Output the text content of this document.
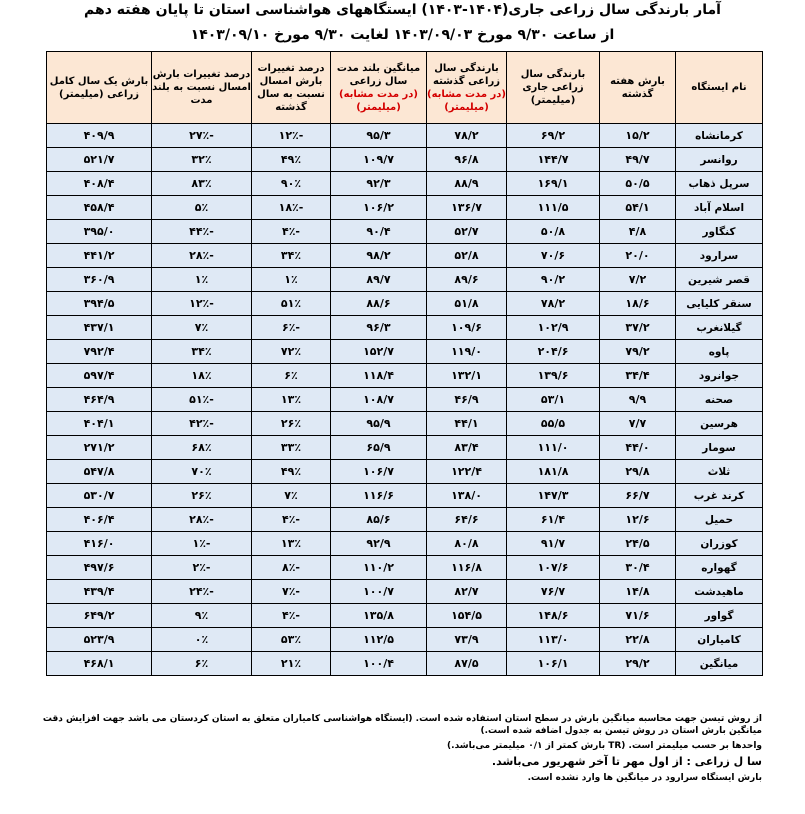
آمار بارندگی سال زراعی جاری(۱۴۰۴-۱۴۰۳) ایستگاههای هواشناسی استان تا پایان هفته دهم
از ساعت ۹/۳۰ مورخ ۱۴۰۳/۰۹/۰۳ لغایت ۹/۳۰ مورخ ۱۴۰۳/۰۹/۱۰
نام ایستگاه	بارش هفته گذشته	بارندگی سال زراعی جاری (میلیمتر)	بارندگی سال زراعی گذشته
(در مدت مشابه)
(میلیمتر)	میانگین بلند مدت سال زراعی
(در مدت مشابه)
(میلیمتر)	درصد تغییرات بارش امسال نسبت به سال گذشته	درصد تغییرات بارش امسال نسبت به بلند مدت	بارش یک سال کامل زراعی (میلیمتر)
کرمانشاه	۱۵/۲	۶۹/۲	۷۸/۲	۹۵/۳	-۱۲٪	-۲۷٪	۴۰۹/۹
روانسر	۴۹/۷	۱۴۴/۷	۹۶/۸	۱۰۹/۷	۴۹٪	۳۲٪	۵۲۱/۷
سرپل ذهاب	۵۰/۵	۱۶۹/۱	۸۸/۹	۹۲/۳	۹۰٪	۸۳٪	۴۰۸/۴
اسلام آباد	۵۴/۱	۱۱۱/۵	۱۳۶/۷	۱۰۶/۲	-۱۸٪	۵٪	۴۵۸/۴
کنگاور	۴/۸	۵۰/۸	۵۲/۷	۹۰/۴	-۴٪	-۴۴٪	۳۹۵/۰
سرارود	۲۰/۰	۷۰/۶	۵۲/۸	۹۸/۲	۳۴٪	-۲۸٪	۴۴۱/۲
قصر شیرین	۷/۲	۹۰/۲	۸۹/۶	۸۹/۷	۱٪	۱٪	۳۶۰/۹
سنقر کلیایی	۱۸/۶	۷۸/۲	۵۱/۸	۸۸/۶	۵۱٪	-۱۲٪	۳۹۴/۵
گیلانغرب	۳۷/۲	۱۰۲/۹	۱۰۹/۶	۹۶/۳	-۶٪	۷٪	۴۳۷/۱
پاوه	۷۹/۲	۲۰۴/۶	۱۱۹/۰	۱۵۲/۷	۷۲٪	۳۴٪	۷۹۲/۴
جوانرود	۳۴/۴	۱۳۹/۶	۱۳۲/۱	۱۱۸/۴	۶٪	۱۸٪	۵۹۷/۴
صحنه	۹/۹	۵۳/۱	۴۶/۹	۱۰۸/۷	۱۳٪	-۵۱٪	۴۶۴/۹
هرسین	۷/۷	۵۵/۵	۴۴/۱	۹۵/۹	۲۶٪	-۴۲٪	۴۰۴/۱
سومار	۴۴/۰	۱۱۱/۰	۸۳/۴	۶۵/۹	۳۳٪	۶۸٪	۲۷۱/۲
ثلاث	۲۹/۸	۱۸۱/۸	۱۲۲/۴	۱۰۶/۷	۴۹٪	۷۰٪	۵۴۷/۸
کرند غرب	۶۶/۷	۱۴۷/۳	۱۳۸/۰	۱۱۶/۶	۷٪	۲۶٪	۵۳۰/۷
حمیل	۱۲/۶	۶۱/۴	۶۴/۶	۸۵/۶	-۴٪	-۲۸٪	۴۰۶/۴
کوزران	۲۴/۵	۹۱/۷	۸۰/۸	۹۲/۹	۱۳٪	-۱٪	۴۱۶/۰
گهواره	۳۰/۴	۱۰۷/۶	۱۱۶/۸	۱۱۰/۲	-۸٪	-۲٪	۴۹۷/۶
ماهیدشت	۱۴/۸	۷۶/۷	۸۲/۷	۱۰۰/۷	-۷٪	-۲۴٪	۴۳۹/۴
گواور	۷۱/۶	۱۴۸/۶	۱۵۴/۵	۱۳۵/۸	-۴٪	۹٪	۶۴۹/۲
کامیاران	۲۲/۸	۱۱۳/۰	۷۳/۹	۱۱۲/۵	۵۳٪	۰٪	۵۲۳/۹
میانگین	۲۹/۲	۱۰۶/۱	۸۷/۵	۱۰۰/۴	۲۱٪	۶٪	۴۶۸/۱
از روش تیسن جهت محاسبه میانگین بارش در سطح استان استفاده شده است. (ایستگاه هواشناسی کامیاران متعلق به استان کردستان می باشد جهت افزایش دقت میانگین بارش استان در روش تیسن به جدول اضافه شده است.)
واحدها بر حسب میلیمتر است. (TR بارش کمتر از ۰/۱ میلیمتر می‌باشد.)
سا ل زراعی : از اول مهر تا آخر شهریور می‌باشد.
بارش ایستگاه سرارود در میانگین ها وارد نشده است.
